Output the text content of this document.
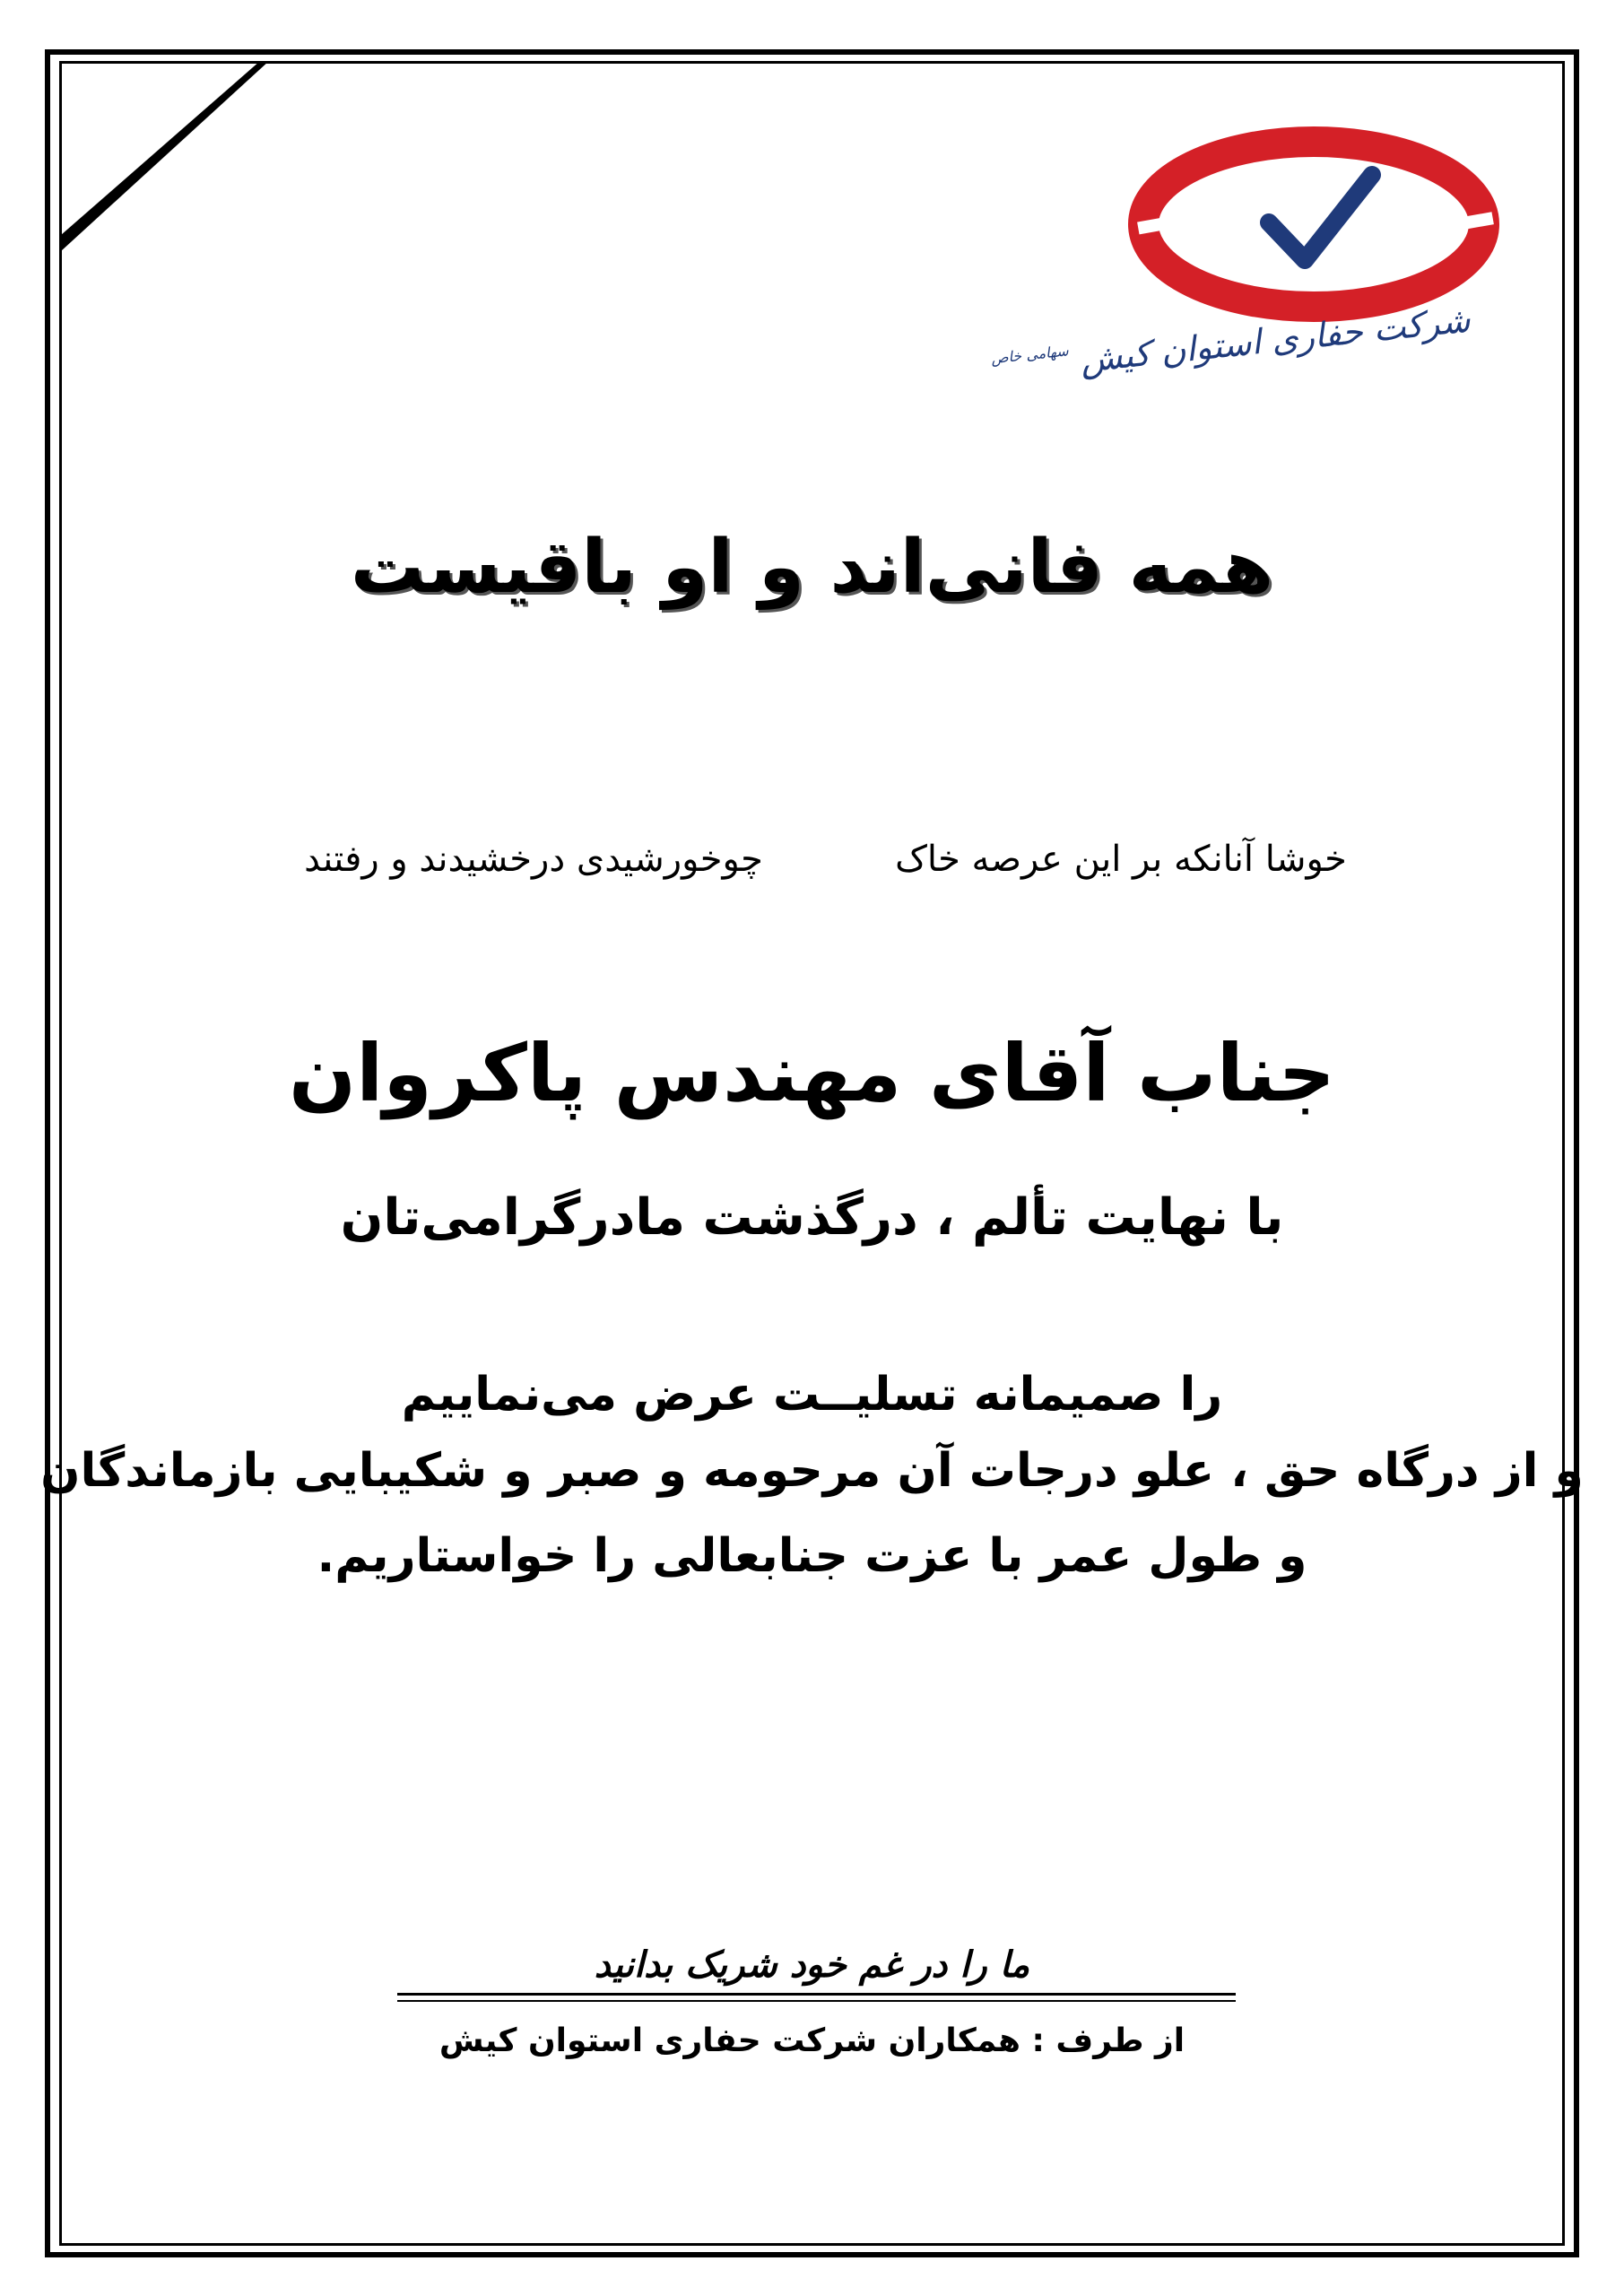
شرکت حفاری استوان کیش $^{سهامی خاص}$
همه فانی‌اند و او باقیست
خوشا آنانکه بر این عرصه خاک
چوخورشیدی درخشیدند و رفتند
جناب آقای مهندس پاکروان
با نهایت تألم ، درگذشت مادرگرامی‌تان
را صمیمانه تسلیــت عرض می‌نماییم
و از درگاه حق ، علو درجات آن مرحومه و صبر و شکیبایی بازماندگان
و طول عمر با عزت جنابعالی را خواستاریم.
ما را در غم خود شریک بدانید
از طرف : همکاران شرکت حفاری استوان کیش
